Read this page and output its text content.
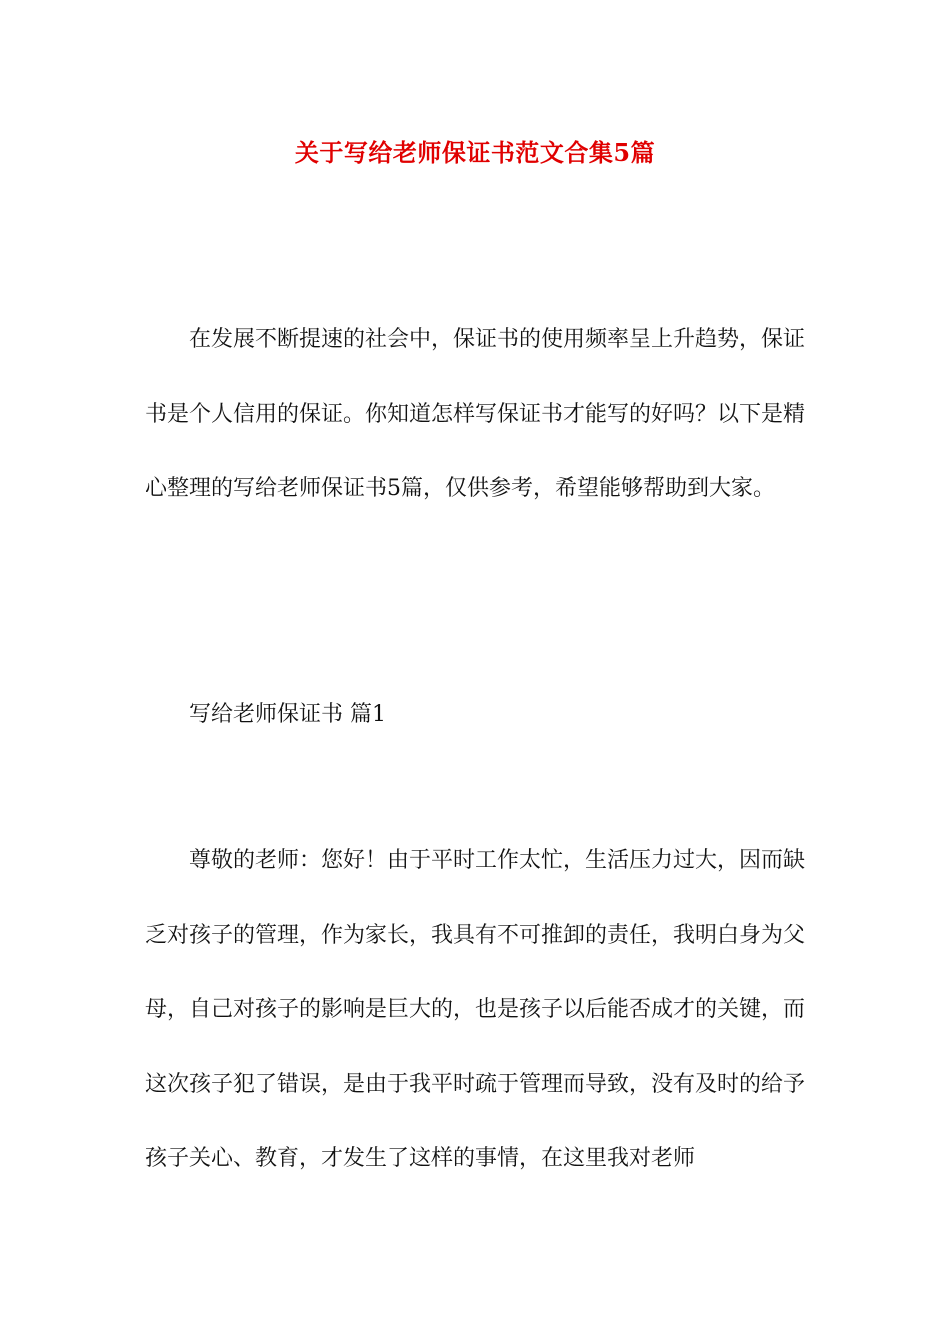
关于写给老师保证书范文合集5篇

在发展不断提速的社会中，保证书的使用频率呈上升趋势，保证书是个人信用的保证。你知道怎样写保证书才能写的好吗？以下是精心整理的写给老师保证书5篇，仅供参考，希望能够帮助到大家。

写给老师保证书 篇1

尊敬的老师：您好！由于平时工作太忙，生活压力过大，因而缺乏对孩子的管理，作为家长，我具有不可推卸的责任，我明白身为父母，自己对孩子的影响是巨大的，也是孩子以后能否成才的关键，而这次孩子犯了错误，是由于我平时疏于管理而导致，没有及时的给予孩子关心、教育，才发生了这样的事情，在这里我对老师
